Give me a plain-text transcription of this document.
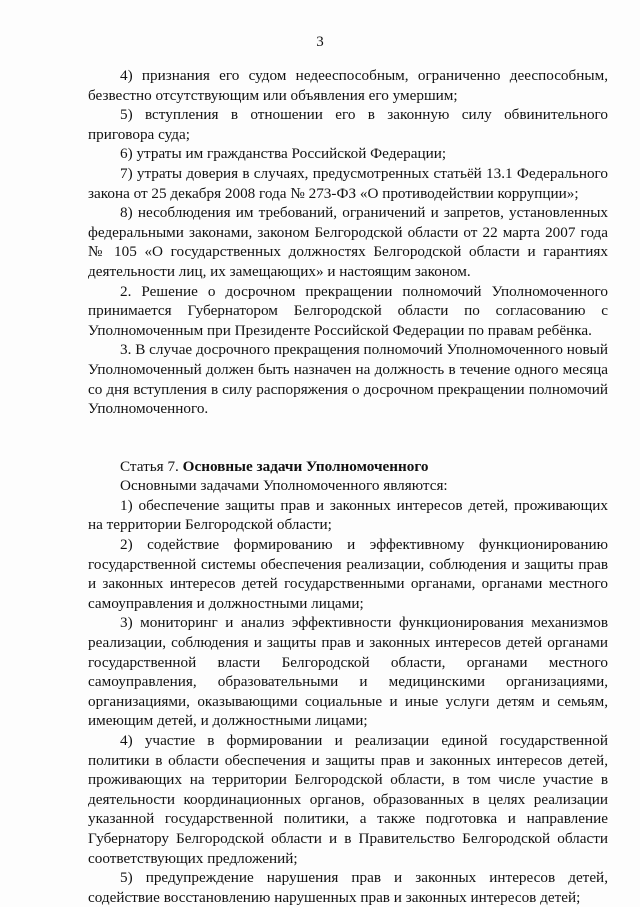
3

4) признания его судом недееспособным, ограниченно дееспособным, безвестно отсутствующим или объявления его умершим;

5) вступления в отношении его в законную силу обвинительного приговора суда;

6) утраты им гражданства Российской Федерации;

7) утраты доверия в случаях, предусмотренных статьёй 13.1 Федерального закона от 25 декабря 2008 года № 273-ФЗ «О противодействии коррупции»;

8) несоблюдения им требований, ограничений и запретов, установленных федеральными законами, законом Белгородской области от 22 марта 2007 года № 105 «О государственных должностях Белгородской области и гарантиях деятельности лиц, их замещающих» и настоящим законом.

2. Решение о досрочном прекращении полномочий Уполномоченного принимается Губернатором Белгородской области по согласованию с Уполномоченным при Президенте Российской Федерации по правам ребёнка.

3. В случае досрочного прекращения полномочий Уполномоченного новый Уполномоченный должен быть назначен на должность в течение одного месяца со дня вступления в силу распоряжения о досрочном прекращении полномочий Уполномоченного.

Статья 7. Основные задачи Уполномоченного

Основными задачами Уполномоченного являются:

1) обеспечение защиты прав и законных интересов детей, проживающих на территории Белгородской области;

2) содействие формированию и эффективному функционированию государственной системы обеспечения реализации, соблюдения и защиты прав и законных интересов детей государственными органами, органами местного самоуправления и должностными лицами;

3) мониторинг и анализ эффективности функционирования механизмов реализации, соблюдения и защиты прав и законных интересов детей органами государственной власти Белгородской области, органами местного самоуправления, образовательными и медицинскими организациями, организациями, оказывающими социальные и иные услуги детям и семьям, имеющим детей, и должностными лицами;

4) участие в формировании и реализации единой государственной политики в области обеспечения и защиты прав и законных интересов детей, проживающих на территории Белгородской области, в том числе участие в деятельности координационных органов, образованных в целях реализации указанной государственной политики, а также подготовка и направление Губернатору Белгородской области и в Правительство Белгородской области соответствующих предложений;

5) предупреждение нарушения прав и законных интересов детей, содействие восстановлению нарушенных прав и законных интересов детей;
